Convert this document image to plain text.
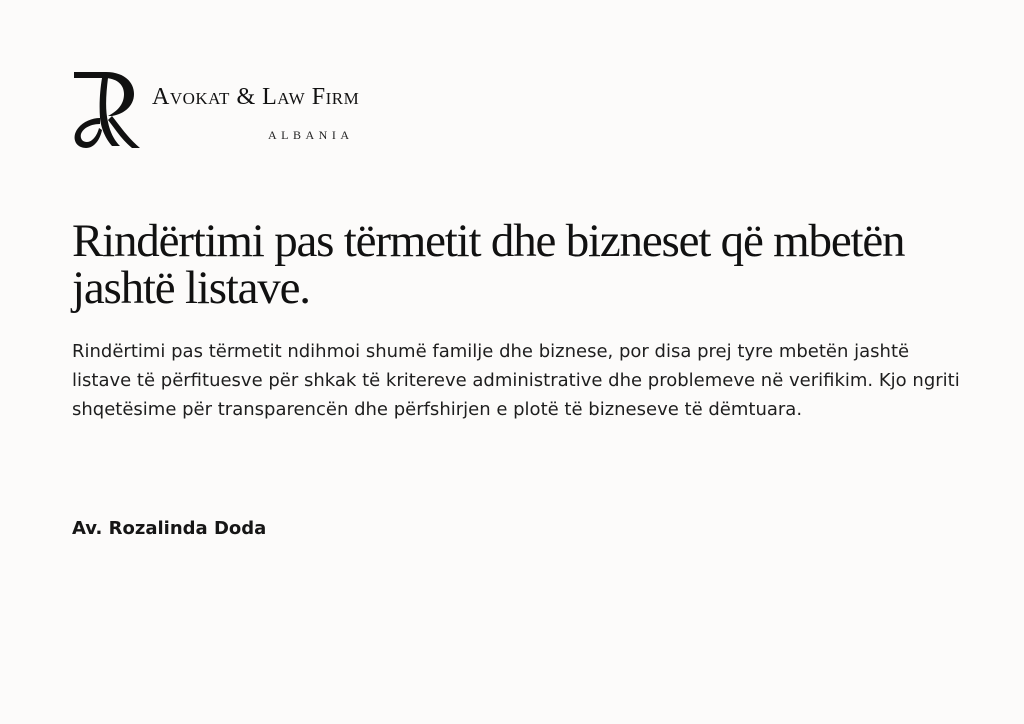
Avokat & Law Firm
ALBANIA
Rindërtimi pas tërmetit dhe bizneset që mbetën jashtë listave.

Rindërtimi pas tërmetit ndihmoi shumë familje dhe biznese, por disa prej tyre mbetën jashtë listave të përfituesve për shkak të kritereve administrative dhe problemeve në verifikim. Kjo ngriti shqetësime për transparencën dhe përfshirjen e plotë të bizneseve të dëmtuara.

Av. Rozalinda Doda
